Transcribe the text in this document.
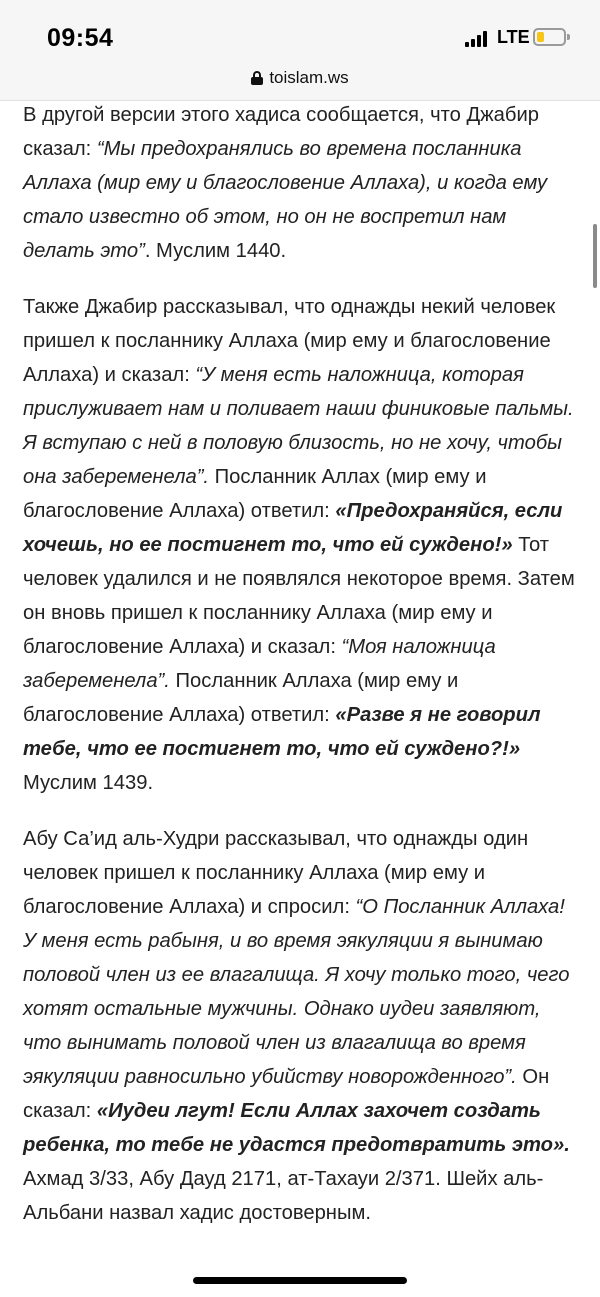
09:54	LTE
toislam.ws

В другой версии этого хадиса сообщается, что Джабир сказал: “Мы предохранялись во времена посланника Аллаха (мир ему и благословение Аллаха), и когда ему стало известно об этом, но он не воспретил нам делать это”. Муслим 1440.

Также Джабир рассказывал, что однажды некий человек пришел к посланнику Аллаха (мир ему и благословение Аллаха) и сказал: “У меня есть наложница, которая прислуживает нам и поливает наши финиковые пальмы. Я вступаю с ней в половую близость, но не хочу, чтобы она забеременела”. Посланник Аллах (мир ему и благословение Аллаха) ответил: «Предохраняйся, если хочешь, но ее постигнет то, что ей суждено!» Тот человек удалился и не появлялся некоторое время. Затем он вновь пришел к посланнику Аллаха (мир ему и благословение Аллаха) и сказал: “Моя наложница забеременела”. Посланник Аллаха (мир ему и благословение Аллаха) ответил: «Разве я не говорил тебе, что ее постигнет то, что ей суждено?!» Муслим 1439.

Абу Са’ид аль-Худри рассказывал, что однажды один человек пришел к посланнику Аллаха (мир ему и благословение Аллаха) и спросил: “О Посланник Аллаха! У меня есть рабыня, и во время эякуляции я вынимаю половой член из ее влагалища. Я хочу только того, чего хотят остальные мужчины. Однако иудеи заявляют, что вынимать половой член из влагалища во время эякуляции равносильно убийству новорожденного”. Он сказал: «Иудеи лгут! Если Аллах захочет создать ребенка, то тебе не удастся предотвратить это». Ахмад 3/33, Абу Дауд 2171, ат-Тахауи 2/371. Шейх аль-Альбани назвал хадис достоверным.
